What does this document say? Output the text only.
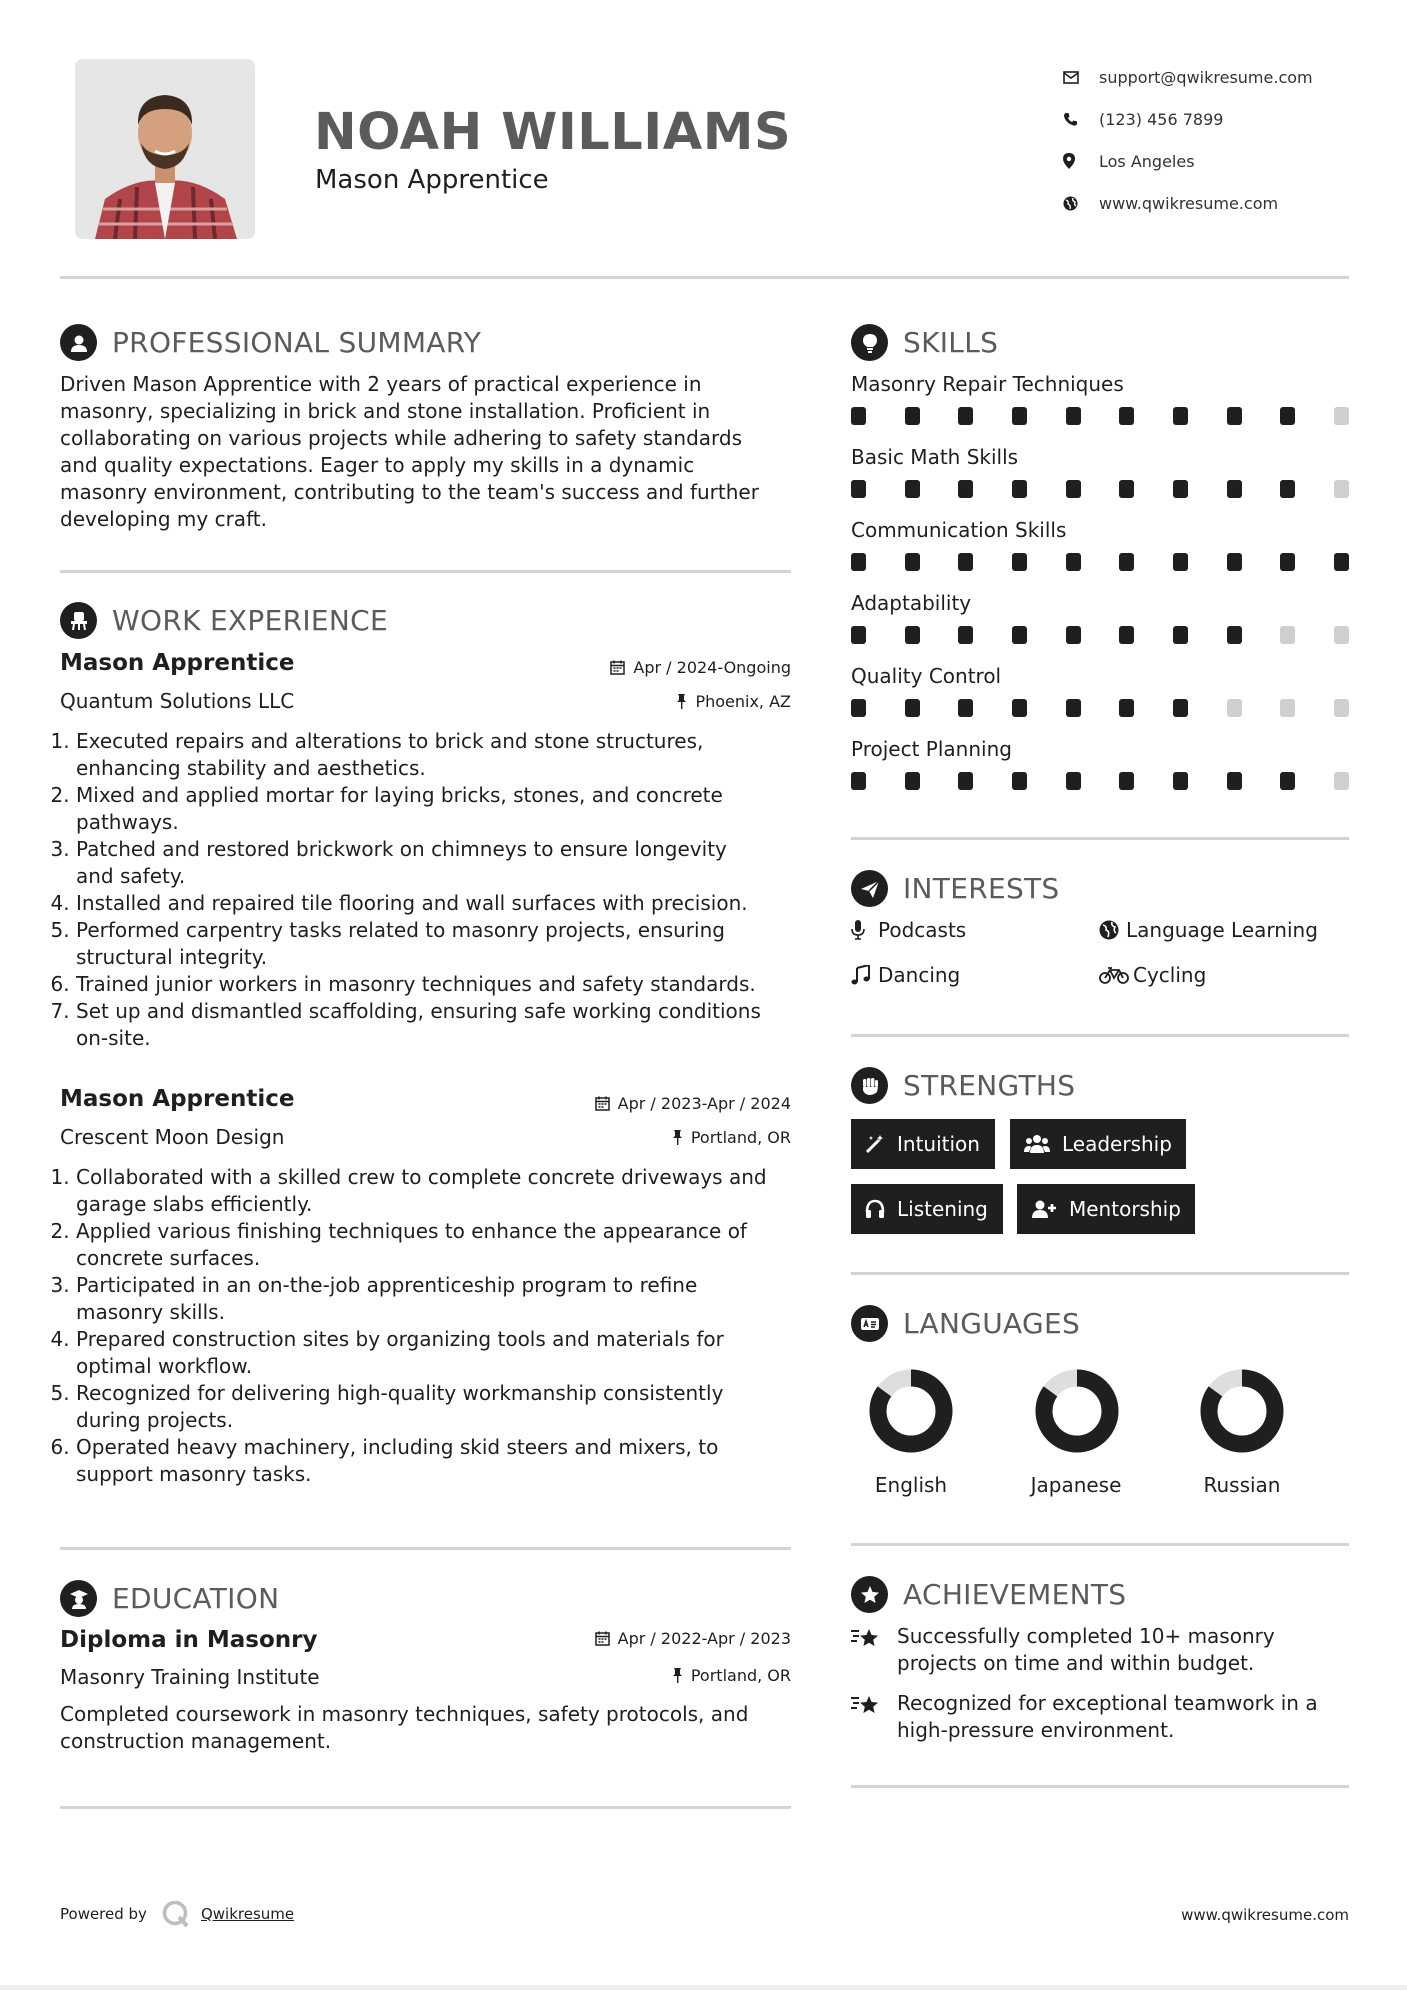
NOAH WILLIAMS
Mason Apprentice
support@qwikresume.com
(123) 456 7899
Los Angeles
www.qwikresume.com
PROFESSIONAL SUMMARY
Driven Mason Apprentice with 2 years of practical experience in
masonry, specializing in brick and stone installation. Proficient in
collaborating on various projects while adhering to safety standards
and quality expectations. Eager to apply my skills in a dynamic
masonry environment, contributing to the team's success and further
developing my craft.
WORK EXPERIENCE
Mason Apprentice	Apr / 2024-Ongoing
Quantum Solutions LLC	Phoenix, AZ
1. Executed repairs and alterations to brick and stone structures,
enhancing stability and aesthetics.
2. Mixed and applied mortar for laying bricks, stones, and concrete
pathways.
3. Patched and restored brickwork on chimneys to ensure longevity
and safety.
4. Installed and repaired tile flooring and wall surfaces with precision.
5. Performed carpentry tasks related to masonry projects, ensuring
structural integrity.
6. Trained junior workers in masonry techniques and safety standards.
7. Set up and dismantled scaffolding, ensuring safe working conditions
on-site.
Mason Apprentice	Apr / 2023-Apr / 2024
Crescent Moon Design	Portland, OR
1. Collaborated with a skilled crew to complete concrete driveways and
garage slabs efficiently.
2. Applied various finishing techniques to enhance the appearance of
concrete surfaces.
3. Participated in an on-the-job apprenticeship program to refine
masonry skills.
4. Prepared construction sites by organizing tools and materials for
optimal workflow.
5. Recognized for delivering high-quality workmanship consistently
during projects.
6. Operated heavy machinery, including skid steers and mixers, to
support masonry tasks.
EDUCATION
Diploma in Masonry	Apr / 2022-Apr / 2023
Masonry Training Institute	Portland, OR
Completed coursework in masonry techniques, safety protocols, and
construction management.
SKILLS
Masonry Repair Techniques
Basic Math Skills
Communication Skills
Adaptability
Quality Control
Project Planning
INTERESTS
Podcasts	Language Learning
Dancing	Cycling
STRENGTHS
Intuition	Leadership
Listening	Mentorship
LANGUAGES
English	Japanese	Russian
ACHIEVEMENTS
Successfully completed 10+ masonry
projects on time and within budget.
Recognized for exceptional teamwork in a
high-pressure environment.
Powered by	Qwikresume	www.qwikresume.com
